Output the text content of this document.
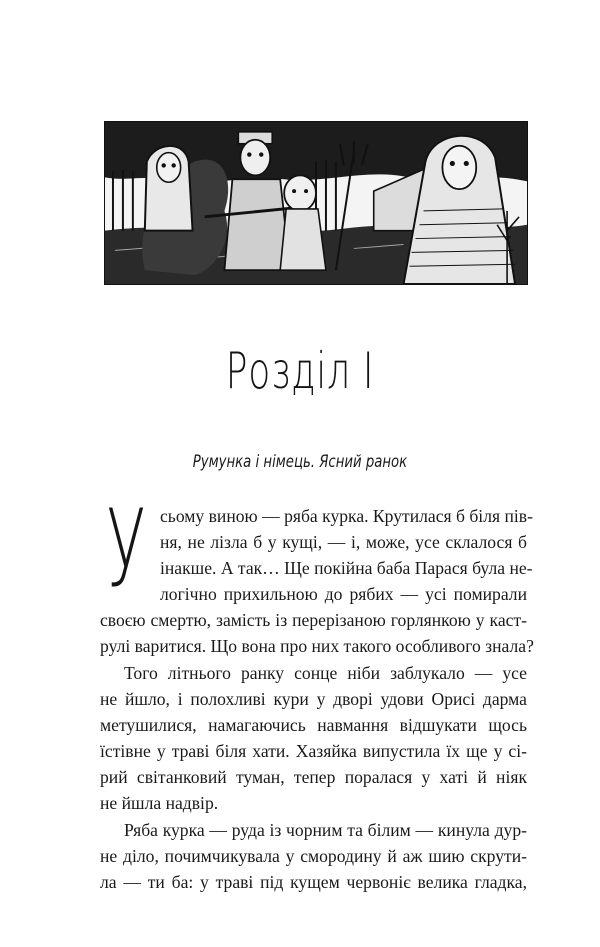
Розділ I
Румунка і німець. Ясний ранок
У сьому виною — ряба курка. Крутилася б біля пів-
ня, не лізла б у кущі, — і, може, усе склалося б
інакше. А так… Ще покійна баба Парася була не-
логічно прихильною до рябих — усі помирали
своєю смертю, замість із перерізаною горлянкою у каст-
рулі варитися. Що вона про них такого особливого знала?
Того літнього ранку сонце ніби заблукало — усе
не йшло, і полохливі кури у дворі удови Орисі дарма
метушилися, намагаючись навмання відшукати щось
їстівне у траві біля хати. Хазяйка випустила їх ще у сі-
рий світанковий туман, тепер поралася у хаті й ніяк
не йшла надвір.
Ряба курка — руда із чорним та білим — кинула дур-
не діло, почимчикувала у смородину й аж шию скрути-
ла — ти ба: у траві під кущем червоніє велика гладка,
